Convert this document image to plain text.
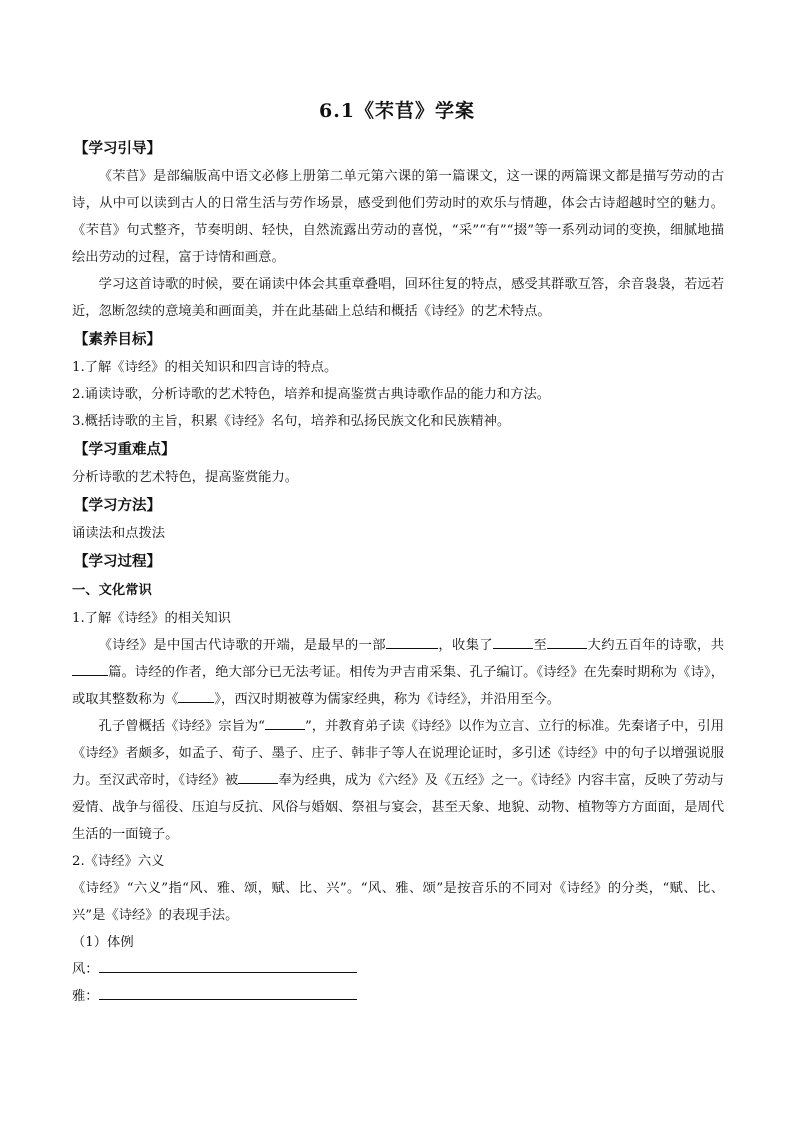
6.1《芣苢》学案
【学习引导】

《芣苢》是部编版高中语文必修上册第二单元第六课的第一篇课文，这一课的两篇课文都是描写劳动的古诗，从中可以读到古人的日常生活与劳作场景，感受到他们劳动时的欢乐与情趣，体会古诗超越时空的魅力。《芣苢》句式整齐，节奏明朗、轻快，自然流露出劳动的喜悦，“采”“有”“掇”等一系列动词的变换，细腻地描绘出劳动的过程，富于诗情和画意。

学习这首诗歌的时候，要在诵读中体会其重章叠唱，回环往复的特点，感受其群歌互答，余音袅袅，若远若近，忽断忽续的意境美和画面美，并在此基础上总结和概括《诗经》的艺术特点。

【素养目标】
1.了解《诗经》的相关知识和四言诗的特点。
2.诵读诗歌，分析诗歌的艺术特色，培养和提高鉴赏古典诗歌作品的能力和方法。
3.概括诗歌的主旨，积累《诗经》名句，培养和弘扬民族文化和民族精神。
【学习重难点】
分析诗歌的艺术特色，提高鉴赏能力。
【学习方法】
诵读法和点拨法
【学习过程】
一、文化常识
1.了解《诗经》的相关知识

《诗经》是中国古代诗歌的开端，是最早的一部	，收集了	至	大约五百年的诗歌，共篇。诗经的作者，绝大部分已无法考证。相传为尹吉甫采集、孔子编订。《诗经》在先秦时期称为《诗》，或取其整数称为《	》，西汉时期被尊为儒家经典，称为《诗经》，并沿用至今。

孔子曾概括《诗经》宗旨为“	”，并教育弟子读《诗经》以作为立言、立行的标准。先秦诸子中，引用《诗经》者颇多，如孟子、荀子、墨子、庄子、韩非子等人在说理论证时，多引述《诗经》中的句子以增强说服力。至汉武帝时，《诗经》被	奉为经典，成为《六经》及《五经》之一。《诗经》内容丰富，反映了劳动与爱情、战争与徭役、压迫与反抗、风俗与婚姻、祭祖与宴会，甚至天象、地貌、动物、植物等方方面面，是周代生活的一面镜子。

2.《诗经》六义

《诗经》“六义”指“风、雅、颂，赋、比、兴”。“风、雅、颂”是按音乐的不同对《诗经》的分类，“赋、比、兴”是《诗经》的表现手法。

（1）体例
风：
雅：
